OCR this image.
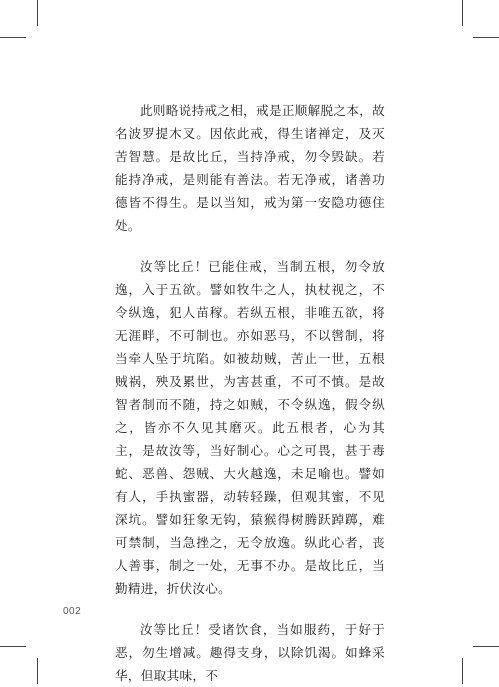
此则略说持戒之相，戒是正顺解脱之本，故名波罗提木叉。因依此戒，得生诸禅定，及灭苦智慧。是故比丘，当持净戒，勿令毁缺。若能持净戒，是则能有善法。若无净戒，诸善功德皆不得生。是以当知，戒为第一安隐功德住处。

汝等比丘！已能住戒，当制五根，勿令放逸，入于五欲。譬如牧牛之人，执杖视之，不令纵逸，犯人苗稼。若纵五根，非唯五欲，将无涯畔，不可制也。亦如恶马，不以辔制，将当牵人坠于坑陷。如被劫贼，苦止一世，五根贼祸，殃及累世，为害甚重，不可不慎。是故智者制而不随，持之如贼，不令纵逸，假令纵之，皆亦不久见其磨灭。此五根者，心为其主，是故汝等，当好制心。心之可畏，甚于毒蛇、恶兽、怨贼、大火越逸，未足喻也。譬如有人，手执蜜器，动转轻躁，但观其蜜，不见深坑。譬如狂象无钩，猿猴得树腾跃踔踯，难可禁制，当急挫之，无令放逸。纵此心者，丧人善事，制之一处，无事不办。是故比丘，当勤精进，折伏汝心。

汝等比丘！受诸饮食，当如服药，于好于恶，勿生增减。趣得支身，以除饥渴。如蜂采华，但取其味，不

002
